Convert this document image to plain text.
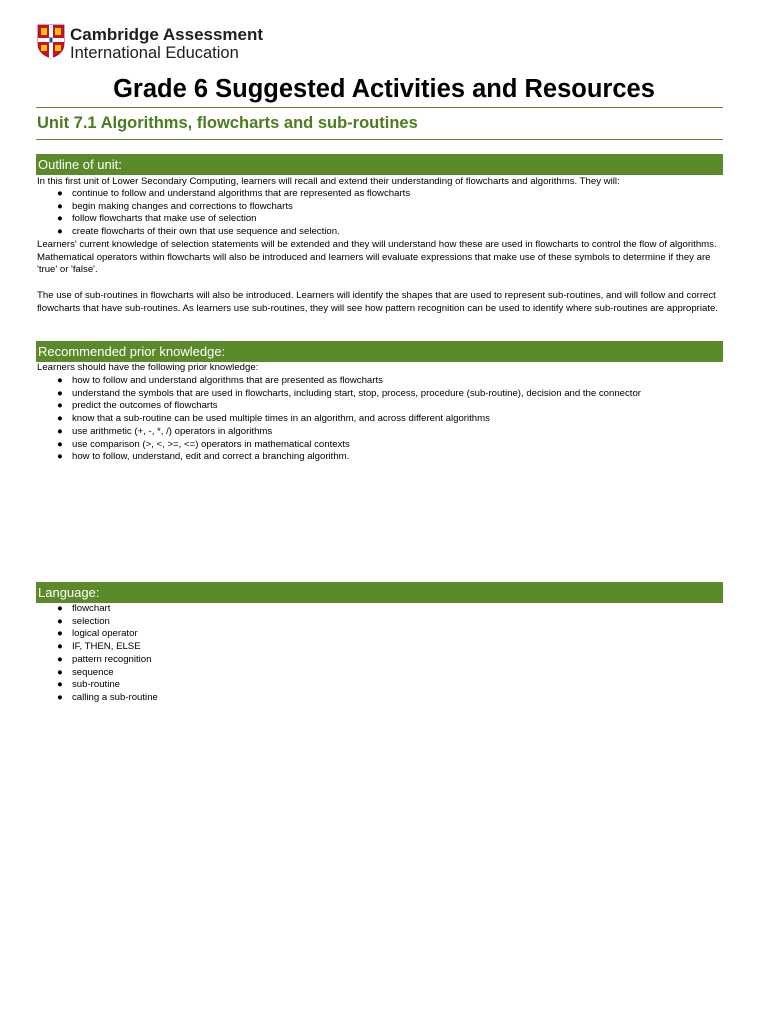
Cambridge Assessment
International Education
Grade 6 Suggested Activities and Resources
Unit 7.1 Algorithms, flowcharts and sub-routines
Outline of unit:

In this first unit of Lower Secondary Computing, learners will recall and extend their understanding of flowcharts and algorithms. They will:

● continue to follow and understand algorithms that are represented as flowcharts
● begin making changes and corrections to flowcharts
● follow flowcharts that make use of selection
● create flowcharts of their own that use sequence and selection.

Learners' current knowledge of selection statements will be extended and they will understand how these are used in flowcharts to control the flow of algorithms. Mathematical operators within flowcharts will also be introduced and learners will evaluate expressions that make use of these symbols to determine if they are 'true' or 'false'.

The use of sub-routines in flowcharts will also be introduced. Learners will identify the shapes that are used to represent sub-routines, and will follow and correct flowcharts that have sub-routines. As learners use sub-routines, they will see how pattern recognition can be used to identify where sub-routines are appropriate.

Recommended prior knowledge:

Learners should have the following prior knowledge:

● how to follow and understand algorithms that are presented as flowcharts
● understand the symbols that are used in flowcharts, including start, stop, process, procedure (sub-routine), decision and the connector
● predict the outcomes of flowcharts
● know that a sub-routine can be used multiple times in an algorithm, and across different algorithms
● use arithmetic (+, -, *, /) operators in algorithms
● use comparison (>, <, >=, <=) operators in mathematical contexts
● how to follow, understand, edit and correct a branching algorithm.
Language:
● flowchart
● selection
● logical operator
● IF, THEN, ELSE
● pattern recognition
● sequence
● sub-routine
● calling a sub-routine
